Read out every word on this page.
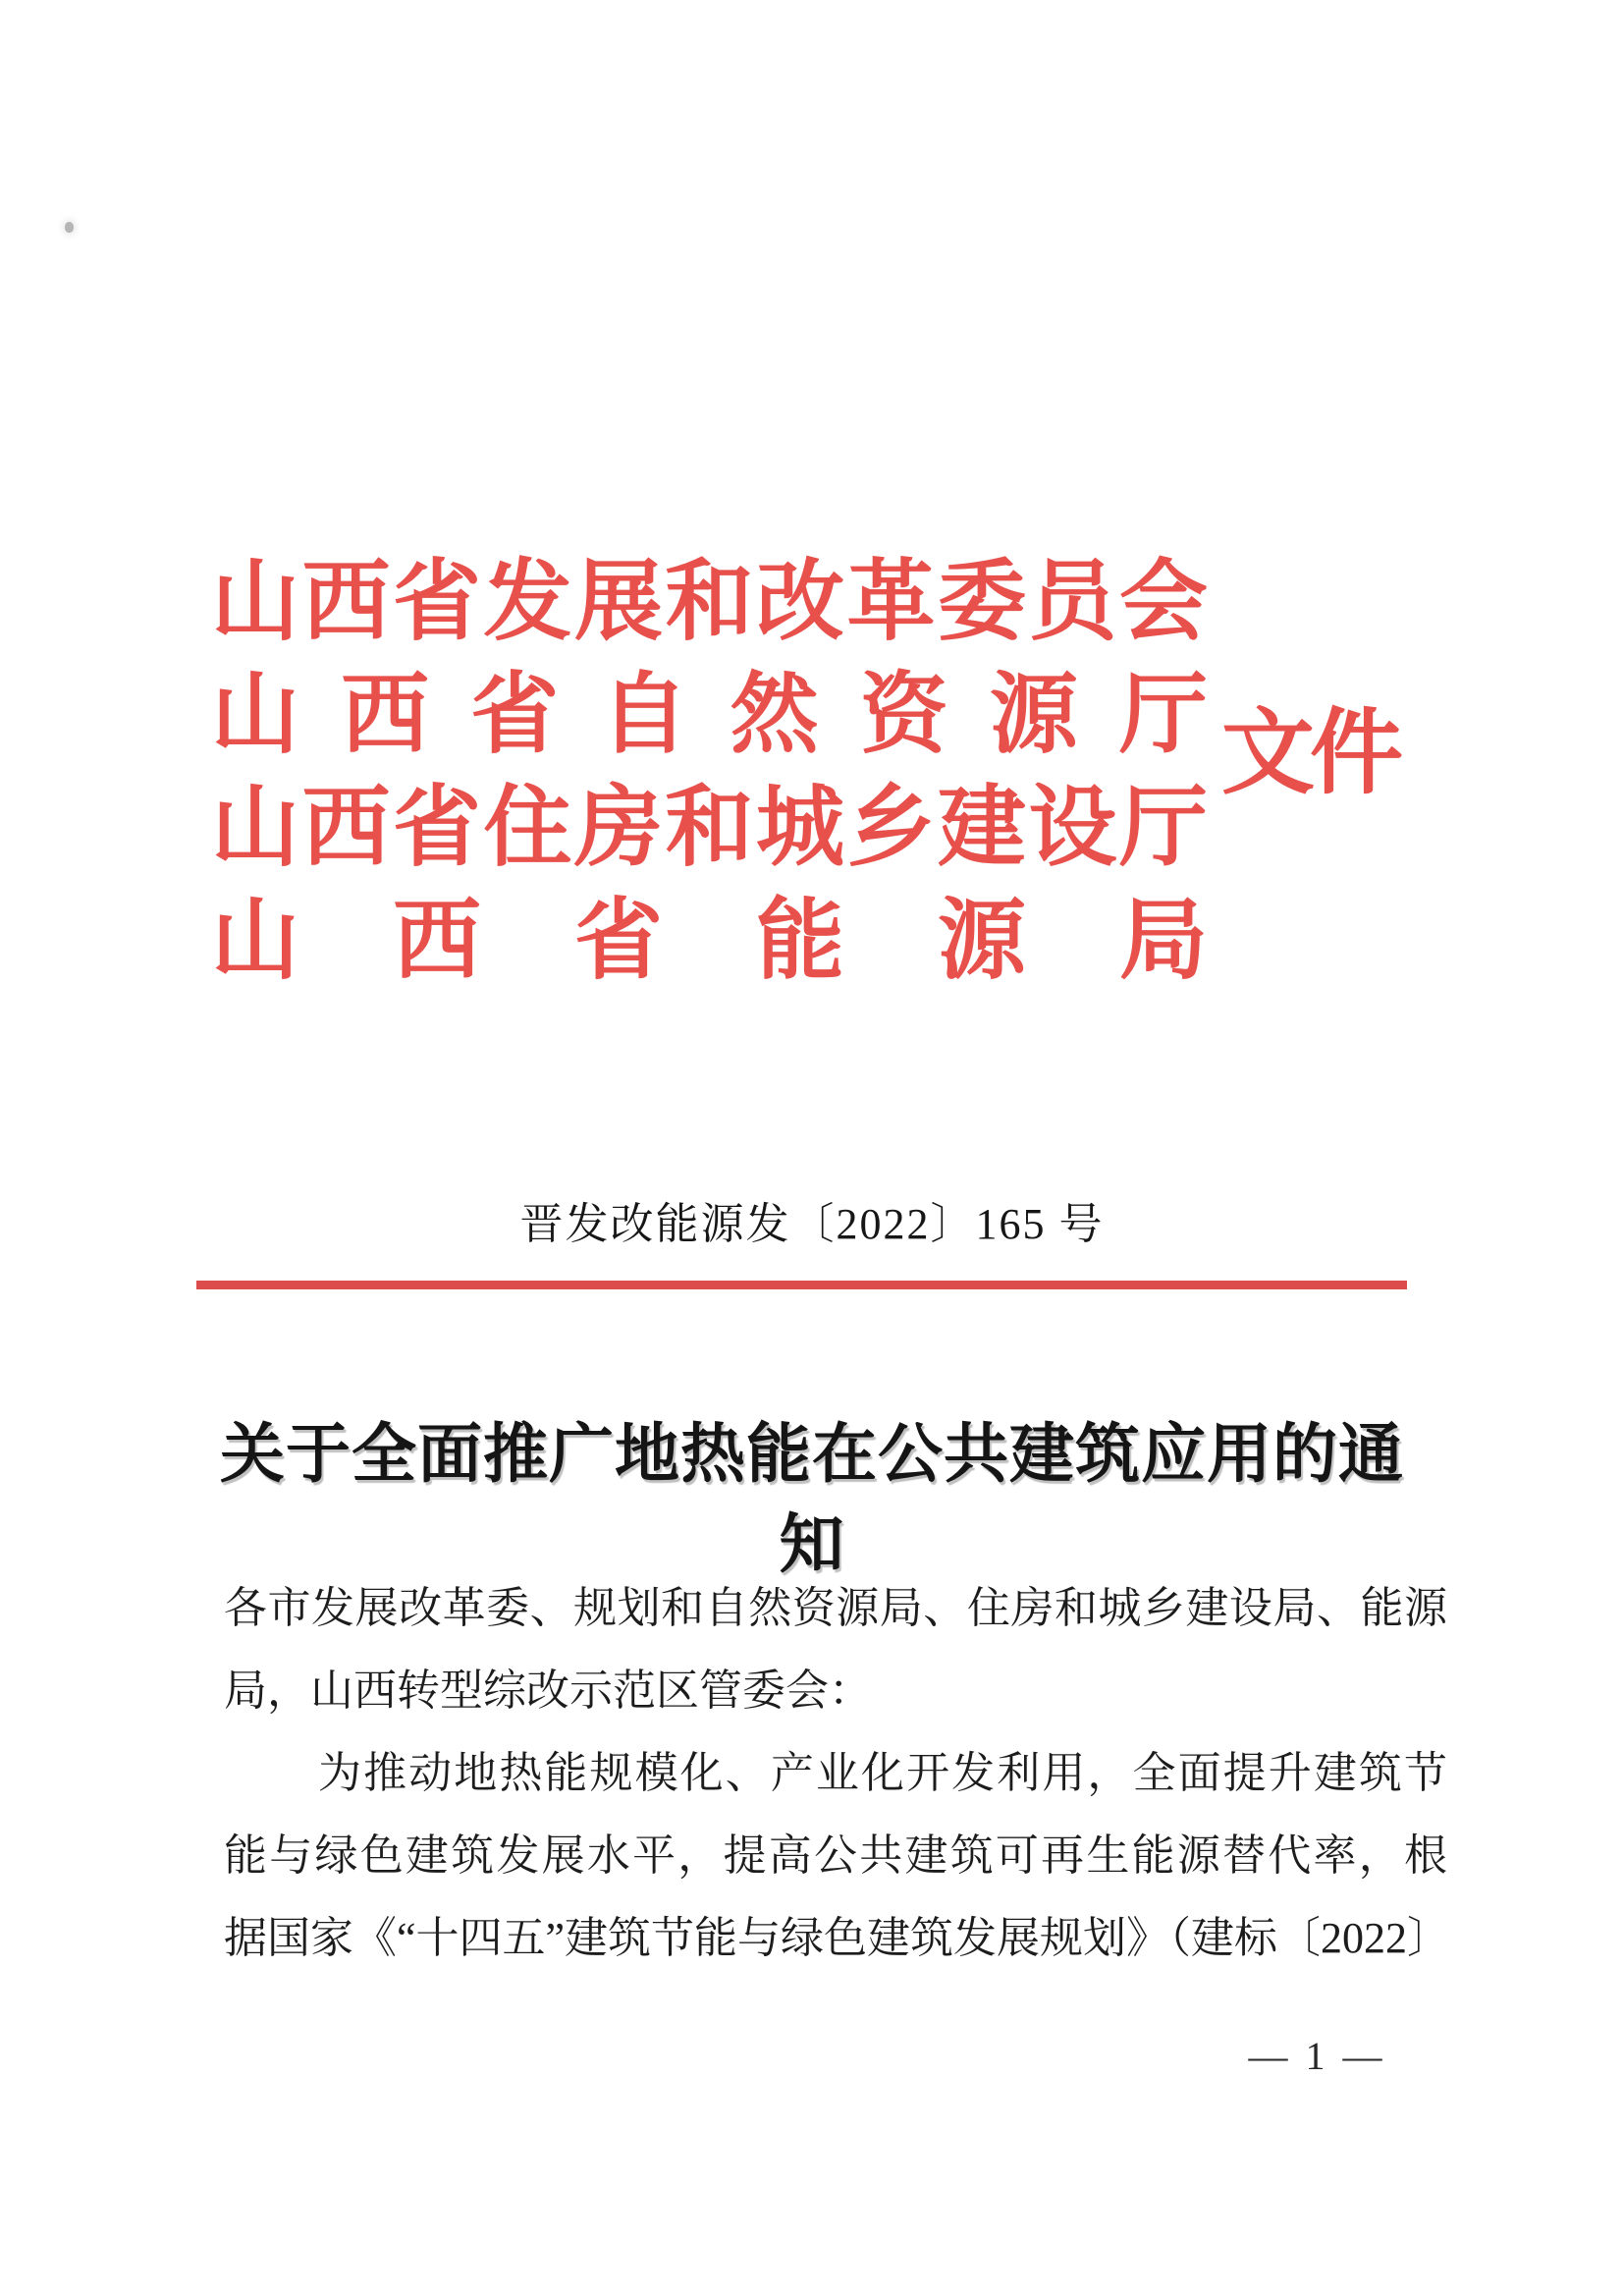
山西省发展和改革委员会
山西省自然资源厅
山西省住房和城乡建设厅
山西省能源局
文件
晋发改能源发〔2022〕165 号
关于全面推广地热能在公共建筑应用的通知
各市发展改革委、规划和自然资源局、住房和城乡建设局、能源
局，山西转型综改示范区管委会：
为推动地热能规模化、产业化开发利用，全面提升建筑节
能与绿色建筑发展水平，提高公共建筑可再生能源替代率，根
据国家《“十四五”建筑节能与绿色建筑发展规划》（建标〔2022〕
— 1 —
